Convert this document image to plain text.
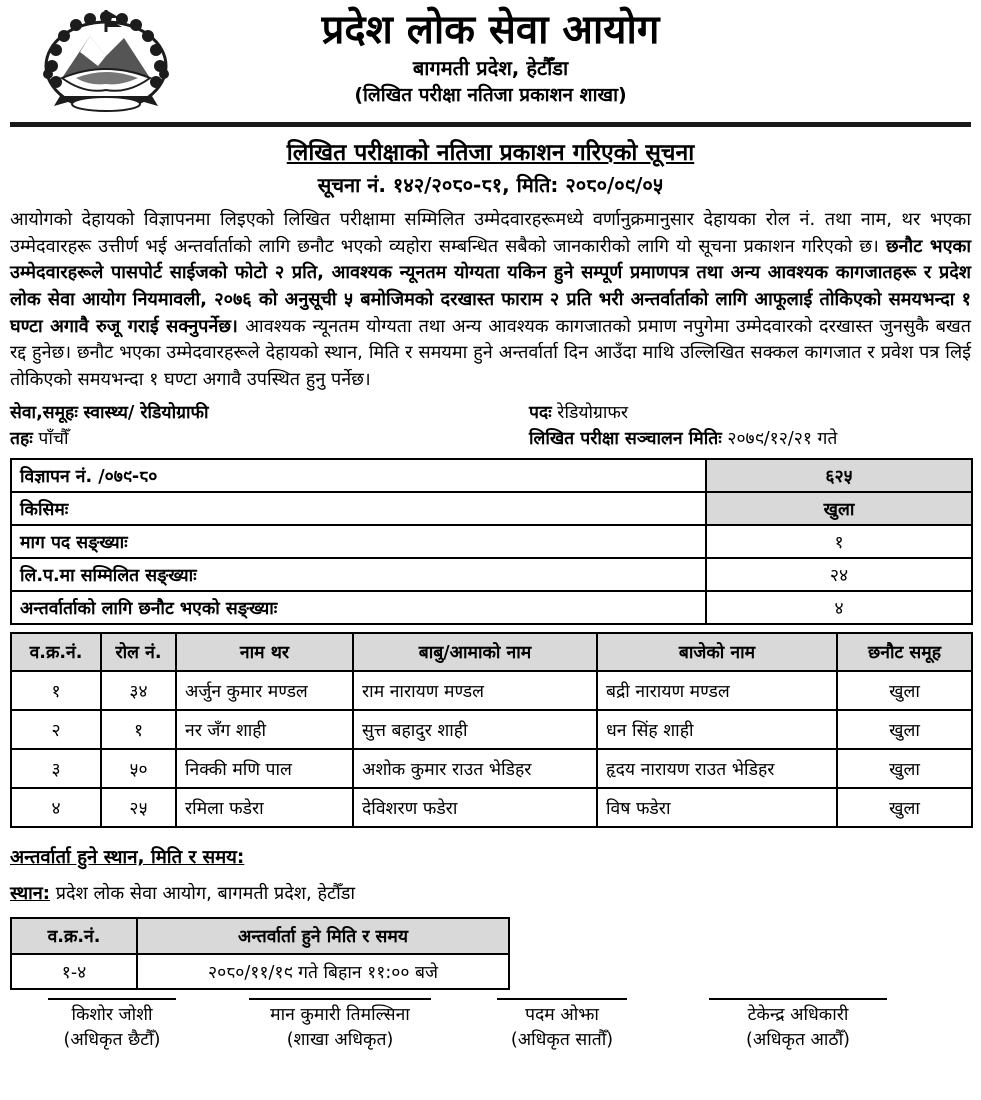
प्रदेश लोक सेवा आयोग
बागमती प्रदेश, हेटौँडा
(लिखित परीक्षा नतिजा प्रकाशन शाखा)
लिखित परीक्षाको नतिजा प्रकाशन गरिएको सूचना
सूचना नं. १४२/२०८०-८१, मिति: २०८०/०९/०५

आयोगको देहायको विज्ञापनमा लिइएको लिखित परीक्षामा सम्मिलित उम्मेदवारहरूमध्ये वर्णानुक्रमानुसार देहायका रोल नं. तथा नाम, थर भएका उम्मेदवारहरू उत्तीर्ण भई अन्तर्वार्ताको लागि छनौट भएको व्यहोरा सम्बन्धित सबैको जानकारीको लागि यो सूचना प्रकाशन गरिएको छ। छनौट भएका उम्मेदवारहरूले पासपोर्ट साईजको फोटो २ प्रति, आवश्यक न्यूनतम योग्यता यकिन हुने सम्पूर्ण प्रमाणपत्र तथा अन्य आवश्यक कागजातहरू र प्रदेश लोक सेवा आयोग नियमावली, २०७६ को अनुसूची ५ बमोजिमको दरखास्त फाराम २ प्रति भरी अन्तर्वार्ताको लागि आफूलाई तोकिएको समयभन्दा १ घण्टा अगावै रुजू गराई सक्नुपर्नेछ। आवश्यक न्यूनतम योग्यता तथा अन्य आवश्यक कागजातको प्रमाण नपुगेमा उम्मेदवारको दरखास्त जुनसुकै बखत रद्द हुनेछ। छनौट भएका उम्मेदवारहरूले देहायको स्थान, मिति र समयमा हुने अन्तर्वार्ता दिन आउँदा माथि उल्लिखित सक्कल कागजात र प्रवेश पत्र लिई तोकिएको समयभन्दा १ घण्टा अगावै उपस्थित हुनु पर्नेछ।

सेवा,समूहः स्वास्थ्य/ रेडियोग्राफी
तहः पाँचौँ
पदः रेडियोग्राफर
लिखित परीक्षा सञ्चालन मितिः २०७९/१२/२१ गते
विज्ञापन नं. /०७९-८०	६२५
किसिमः	खुला
माग पद सङ्ख्याः	१
लि.प.मा सम्मिलित सङ्ख्याः	२४
अन्तर्वार्ताको लागि छनौट भएको सङ्ख्याः	४
व.क्र.नं.	रोल नं.	नाम थर	बाबु/आमाको नाम	बाजेको नाम	छनौट समूह
१	३४	अर्जुन कुमार मण्डल	राम नारायण मण्डल	बद्री नारायण मण्डल	खुला
२	१	नर जँग शाही	सुत्त बहादुर शाही	धन सिंह शाही	खुला
३	५०	निक्की मणि पाल	अशोक कुमार राउत भेडिहर	हृदय नारायण राउत भेडिहर	खुला
४	२५	रमिला फडेरा	देविशरण फडेरा	विष फडेरा	खुला
अन्तर्वार्ता हुने स्थान, मिति र समय:
स्थान: प्रदेश लोक सेवा आयोग, बागमती प्रदेश, हेटौँडा
व.क्र.नं.	अन्तर्वार्ता हुने मिति र समय
१-४	२०८०/११/१९ गते बिहान ११:०० बजे
किशोर जोशी
(अधिकृत छैटौँ)
मान कुमारी तिमल्सिना
(शाखा अधिकृत)
पदम ओझा
(अधिकृत सातौँ)
टेकेन्द्र अधिकारी
(अधिकृत आठौँ)
